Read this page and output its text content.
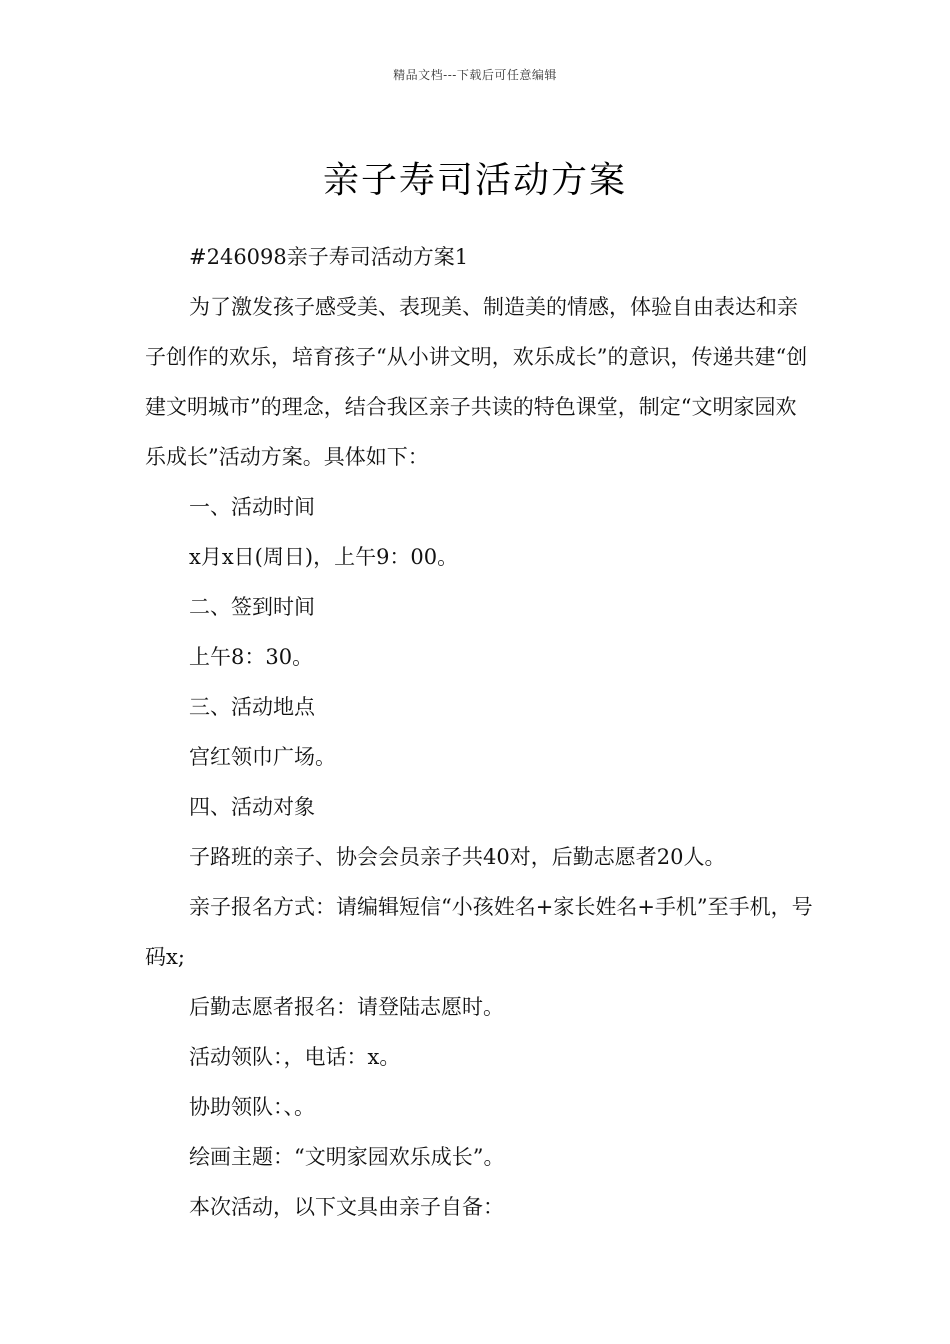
精品文档---下载后可任意编辑
亲子寿司活动方案

#246098亲子寿司活动方案1

为了激发孩子感受美、表现美、制造美的情感，体验自由表达和亲子创作的欢乐，培育孩子“从小讲文明，欢乐成长”的意识，传递共建“创建文明城市”的理念，结合我区亲子共读的特色课堂，制定“文明家园欢乐成长”活动方案。具体如下：

一、活动时间

x月x日(周日)，上午9：00。

二、签到时间

上午8：30。

三、活动地点

宫红领巾广场。

四、活动对象

子路班的亲子、协会会员亲子共40对，后勤志愿者20人。

亲子报名方式：请编辑短信“小孩姓名+家长姓名+手机”至手机，号码x;

后勤志愿者报名：请登陆志愿时。

活动领队：，电话：x。

协助领队：、。

绘画主题：“文明家园欢乐成长”。

本次活动，以下文具由亲子自备：
